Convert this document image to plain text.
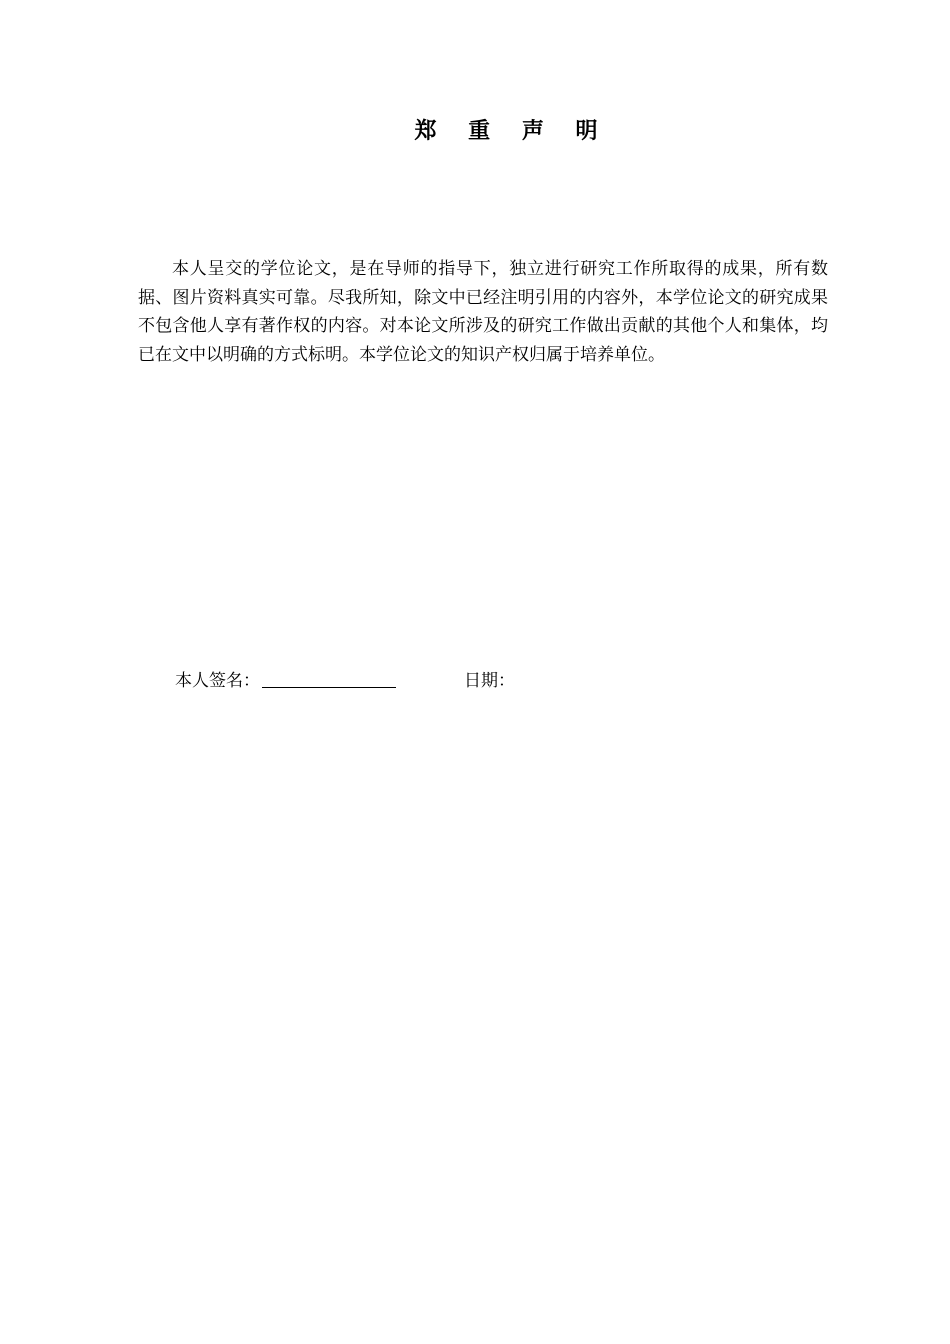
郑 重 声 明

本人呈交的学位论文，是在导师的指导下，独立进行研究工作所取得的成果，所有数据、图片资料真实可靠。尽我所知，除文中已经注明引用的内容外，本学位论文的研究成果不包含他人享有著作权的内容。对本论文所涉及的研究工作做出贡献的其他个人和集体，均已在文中以明确的方式标明。本学位论文的知识产权归属于培养单位。

本人签名：	日期：
